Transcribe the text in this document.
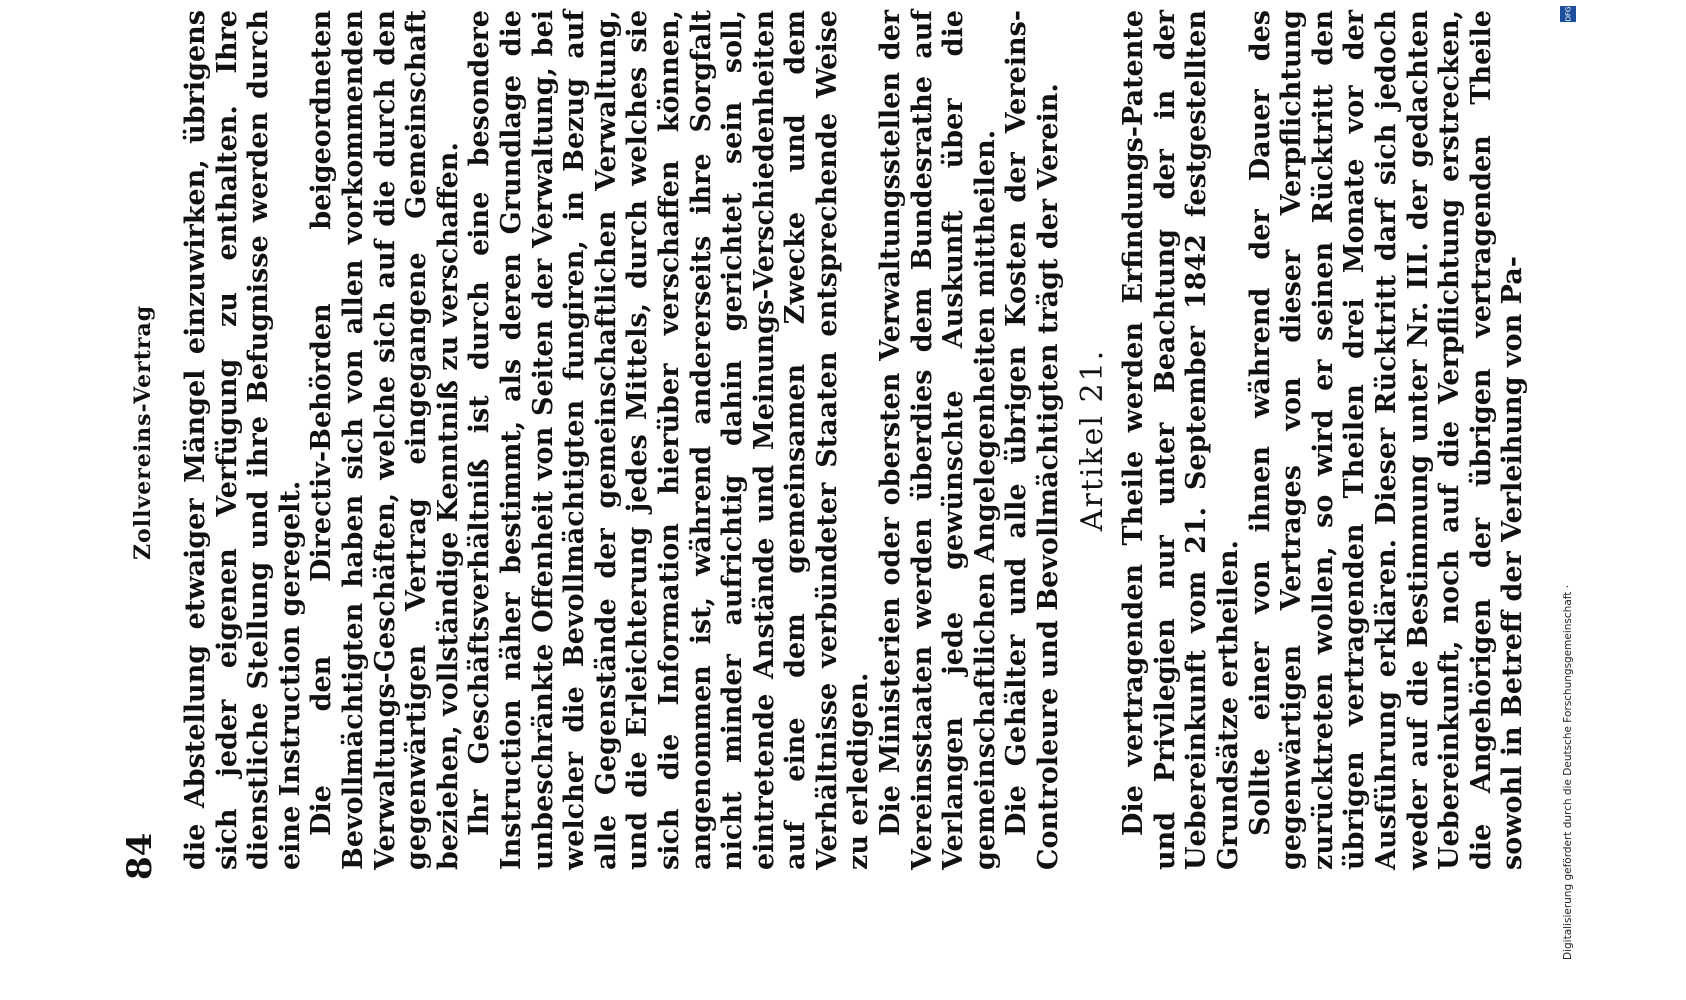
84
Zollvereins-Vertrag die Abstellung etwaiger Mängel einzuwirken, übrigens sich jeder eigenen Verfügung zu enthalten. Ihre dienstliche Stellung und ihre Befugnisse werden durch eine Instruction geregelt. Die den Directiv-Behörden beigeordneten Bevollmächtigten haben sich von allen vorkommenden Verwaltungs-Geschäften, welche sich auf die durch den gegenwärtigen Vertrag eingegangene Gemeinschaft beziehen, vollständige Kenntniß zu verschaffen. Ihr Geschäftsverhältniß ist durch eine besondere Instruction näher bestimmt, als deren Grundlage die unbeschränkte Offenheit von Seiten der Verwaltung, bei welcher die Bevollmächtigten fungiren, in Bezug auf alle Gegenstände der gemeinschaftlichen Verwaltung, und die Erleichterung jedes Mittels, durch welches sie sich die Information hierüber verschaffen können, angenommen ist, während andererseits ihre Sorgfalt nicht minder aufrichtig dahin gerichtet sein soll, eintretende Anstände und Meinungs-Verschiedenheiten auf eine dem gemeinsamen Zwecke und dem Verhältnisse verbündeter Staaten entsprechende Weise zu erledigen. Die Ministerien oder obersten Verwaltungsstellen der Vereinsstaaten werden überdies dem Bundesrathe auf Verlangen jede gewünschte Auskunft über die gemeinschaftlichen Angelegenheiten mittheilen. Die Gehälter und alle übrigen Kosten der Vereins-Controleure und Bevollmächtigten trägt der Verein. Artikel 21. Die vertragenden Theile werden Erfindungs-Patente und Privilegien nur unter Beachtung der in der Uebereinkunft vom 21. September 1842 festgestellten Grundsätze ertheilen. Sollte einer von ihnen während der Dauer des gegenwärtigen Vertrages von dieser Verpflichtung zurücktreten wollen, so wird er seinen Rücktritt den übrigen vertragenden Theilen drei Monate vor der Ausführung erklären. Dieser Rücktritt darf sich jedoch weder auf die Bestimmung unter Nr. III. der gedachten Uebereinkunft, noch auf die Verpflichtung erstrecken, die Angehörigen der übrigen vertragenden Theile sowohl in Betreff der Verleihung von Pa-	Digitalisierung gefördert durch die Deutsche Forschungsgemeinschaft ·
DFG
